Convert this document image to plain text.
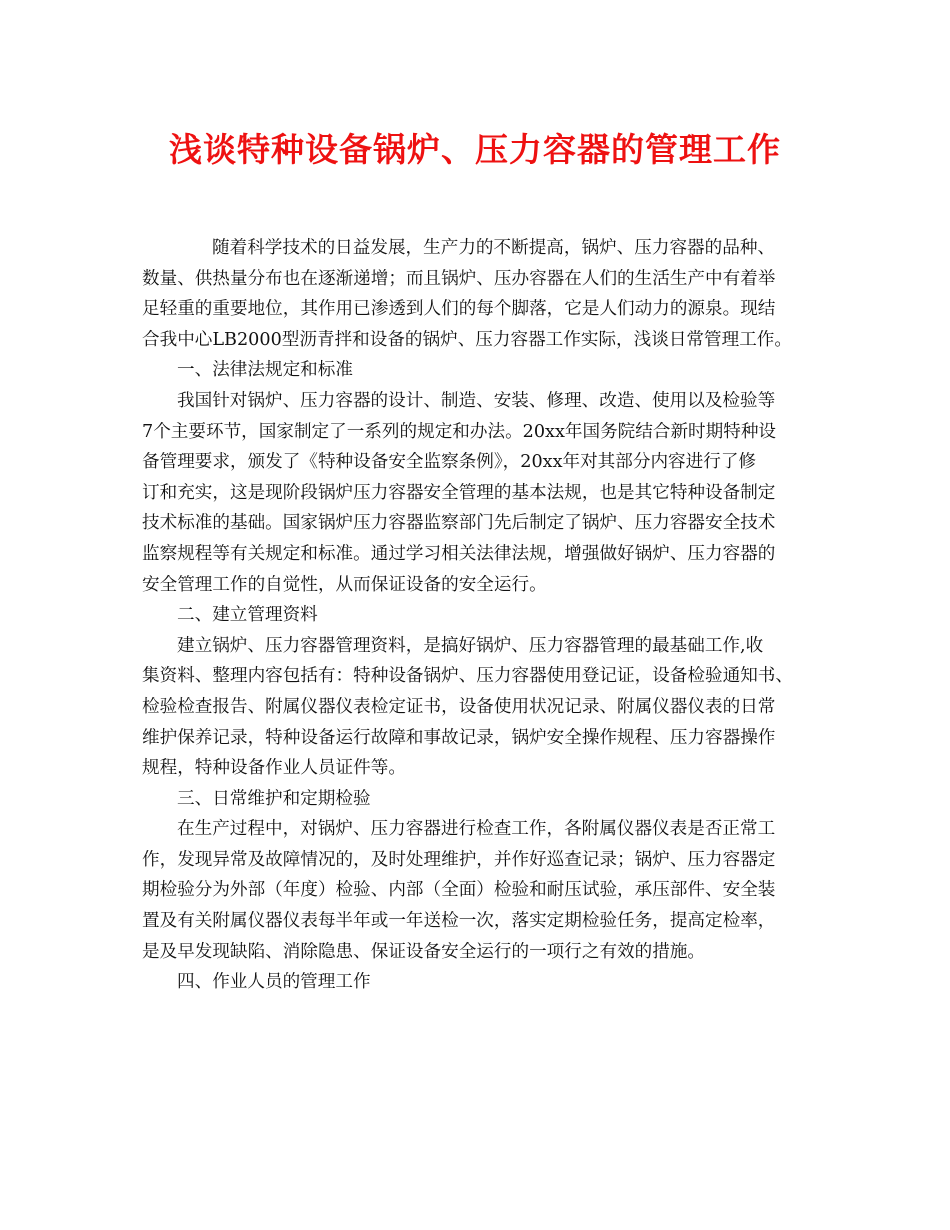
浅谈特种设备锅炉、压力容器的管理工作
随着科学技术的日益发展，生产力的不断提高，锅炉、压力容器的品种、
数量、供热量分布也在逐渐递增；而且锅炉、压办容器在人们的生活生产中有着举
足轻重的重要地位，其作用已渗透到人们的每个脚落，它是人们动力的源泉。现结
合我中心LB2000型沥青拌和设备的锅炉、压力容器工作实际，浅谈日常管理工作。
一、法律法规定和标准
我国针对锅炉、压力容器的设计、制造、安装、修理、改造、使用以及检验等
7个主要环节，国家制定了一系列的规定和办法。20xx年国务院结合新时期特种设
备管理要求，颁发了《特种设备安全监察条例》，20xx年对其部分内容进行了修
订和充实，这是现阶段锅炉压力容器安全管理的基本法规，也是其它特种设备制定
技术标准的基础。国家锅炉压力容器监察部门先后制定了锅炉、压力容器安全技术
监察规程等有关规定和标准。通过学习相关法律法规，增强做好锅炉、压力容器的
安全管理工作的自觉性，从而保证设备的安全运行。
二、建立管理资料
建立锅炉、压力容器管理资料，是搞好锅炉、压力容器管理的最基础工作,收
集资料、整理内容包括有：特种设备锅炉、压力容器使用登记证，设备检验通知书、
检验检查报告、附属仪器仪表检定证书，设备使用状况记录、附属仪器仪表的日常
维护保养记录，特种设备运行故障和事故记录，锅炉安全操作规程、压力容器操作
规程，特种设备作业人员证件等。
三、日常维护和定期检验
在生产过程中，对锅炉、压力容器进行检查工作，各附属仪器仪表是否正常工
作，发现异常及故障情况的，及时处理维护，并作好巡查记录；锅炉、压力容器定
期检验分为外部（年度）检验、内部（全面）检验和耐压试验，承压部件、安全装
置及有关附属仪器仪表每半年或一年送检一次，落实定期检验任务，提高定检率，
是及早发现缺陷、消除隐患、保证设备安全运行的一项行之有效的措施。
四、作业人员的管理工作
